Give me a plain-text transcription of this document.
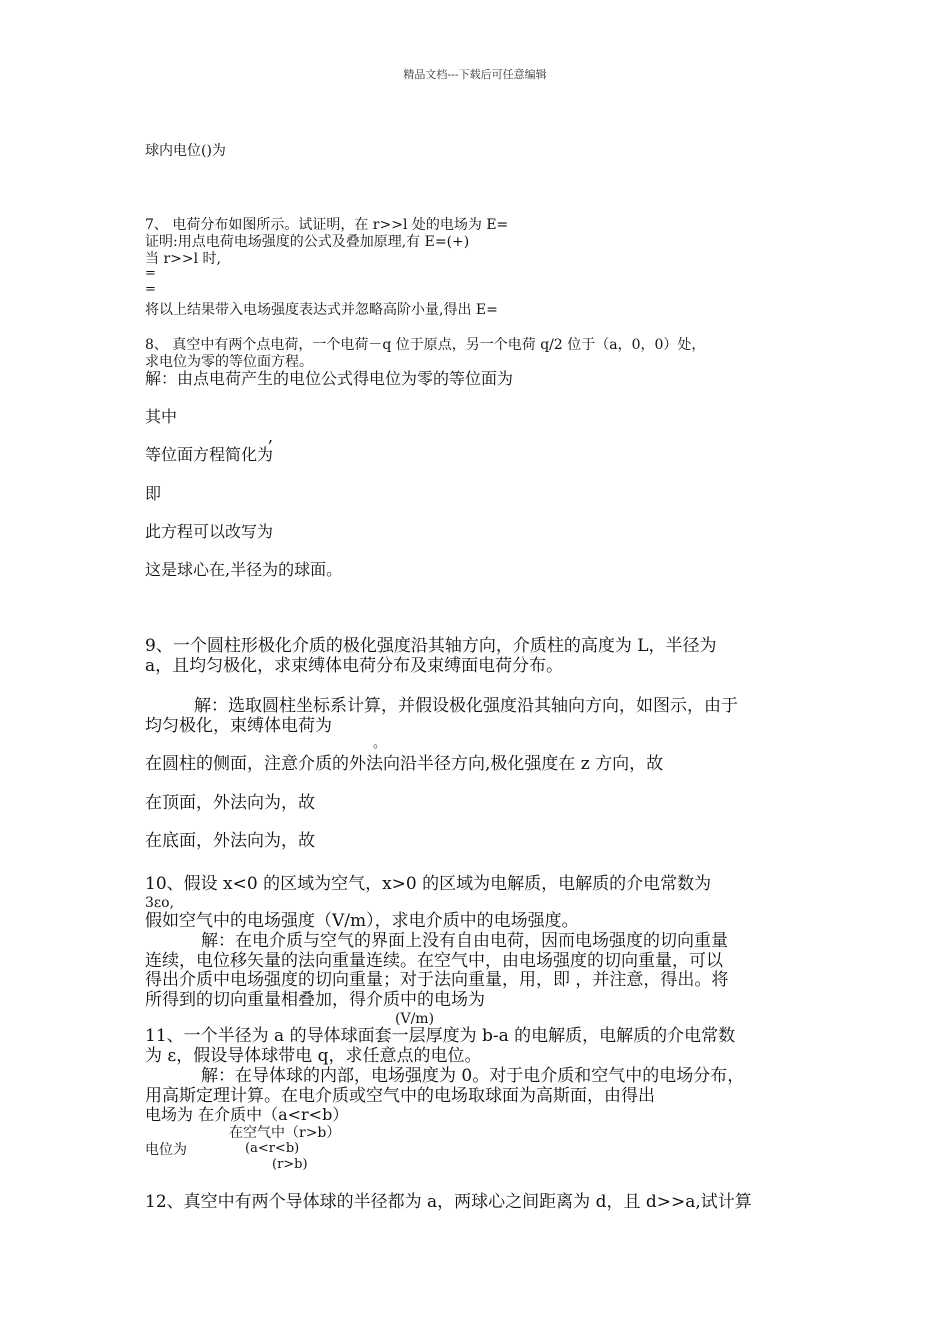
精品文档---下载后可任意编辑
球内电位()为
7、 电荷分布如图所示。试证明，在 r>>l 处的电场为 E=
证明:用点电荷电场强度的公式及叠加原理,有 E=(+)
当 r>>l 时,
=
=
将以上结果带入电场强度表达式并忽略高阶小量,得出 E=
8、 真空中有两个点电荷，一个电荷－q 位于原点，另一个电荷 q/2 位于（a，0，0）处，
求电位为零的等位面方程。
解：由点电荷产生的电位公式得电位为零的等位面为
其中
,
等位面方程简化为
即
此方程可以改写为
这是球心在,半径为的球面。
9、一个圆柱形极化介质的极化强度沿其轴方向，介质柱的高度为 L，半径为
a，且均匀极化，求束缚体电荷分布及束缚面电荷分布。
解：选取圆柱坐标系计算，并假设极化强度沿其轴向方向，如图示，由于
均匀极化，束缚体电荷为
。
在圆柱的侧面，注意介质的外法向沿半径方向,极化强度在 z 方向，故
在顶面，外法向为，故
在底面，外法向为，故
10、假设 x<0 的区域为空气，x>0 的区域为电解质，电解质的介电常数为
3εo,
假如空气中的电场强度（V/m），求电介质中的电场强度。
解：在电介质与空气的界面上没有自由电荷，因而电场强度的切向重量
连续，电位移矢量的法向重量连续。在空气中，由电场强度的切向重量，可以
得出介质中电场强度的切向重量；对于法向重量，用，即 ，并注意，得出。将
所得到的切向重量相叠加，得介质中的电场为
(V/m)
11、一个半径为 a 的导体球面套一层厚度为 b-a 的电解质，电解质的介电常数
为 ε，假设导体球带电 q，求任意点的电位。
解：在导体球的内部，电场强度为 0。对于电介质和空气中的电场分布，
用高斯定理计算。在电介质或空气中的电场取球面为高斯面，由得出
电场为 在介质中（a<r<b）
在空气中（r>b）
电位为	(a<r<b)
(r>b)
12、真空中有两个导体球的半径都为 a，两球心之间距离为 d，且 d>>a,试计算
